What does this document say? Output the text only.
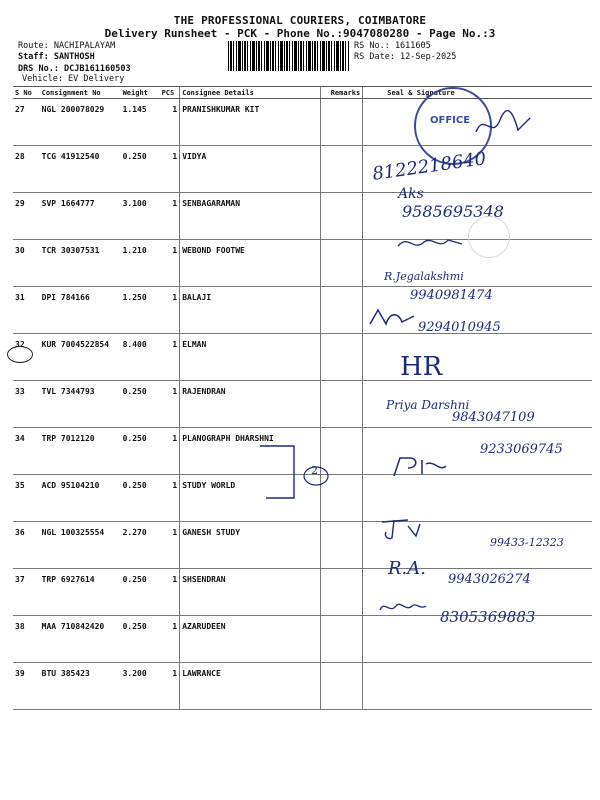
THE PROFESSIONAL COURIERS, COIMBATORE
Delivery Runsheet - PCK - Phone No.:9047080280 - Page No.:3
Route: NACHIPALAYAM
Staff: SANTHOSH
DRS No.: DCJB161160503
Vehicle: EV Delivery
RS No.: 1611605
RS Date: 12-Sep-2025
S No	Consignment No	Weight	PCS	Consignee Details	Remarks	Seal & Signature
27	NGL 200078029	1.145	1	PRANISHKUMAR KIT		
28	TCG 41912540	0.250	1	VIDYA		
29	SVP 1664777	3.100	1	SENBAGARAMAN		
30	TCR 30307531	1.210	1	WEBOND FOOTWE		
31	DPI 784166	1.250	1	BALAJI		
32	KUR 7004522854	8.400	1	ELMAN		
33	TVL 7344793	0.250	1	RAJENDRAN		
34	TRP 7012120	0.250	1	PLANOGRAPH DHARSHNI		
35	ACD 95104210	0.250	1	STUDY WORLD		
36	NGL 100325554	2.270	1	GANESH STUDY		
37	TRP 6927614	0.250	1	SHSENDRAN		
38	MAA 710842420	0.250	1	AZARUDEEN		
39	BTU 385423	3.200	1	LAWRANCE		
OFFICE
8122218640
Aks
9585695348
R.Jegalakshmi
9940981474
9294010945
HR
Priya Darshni
9843047109
9233069745
2
99433-12323
R.A.
9943026274
8305369883
